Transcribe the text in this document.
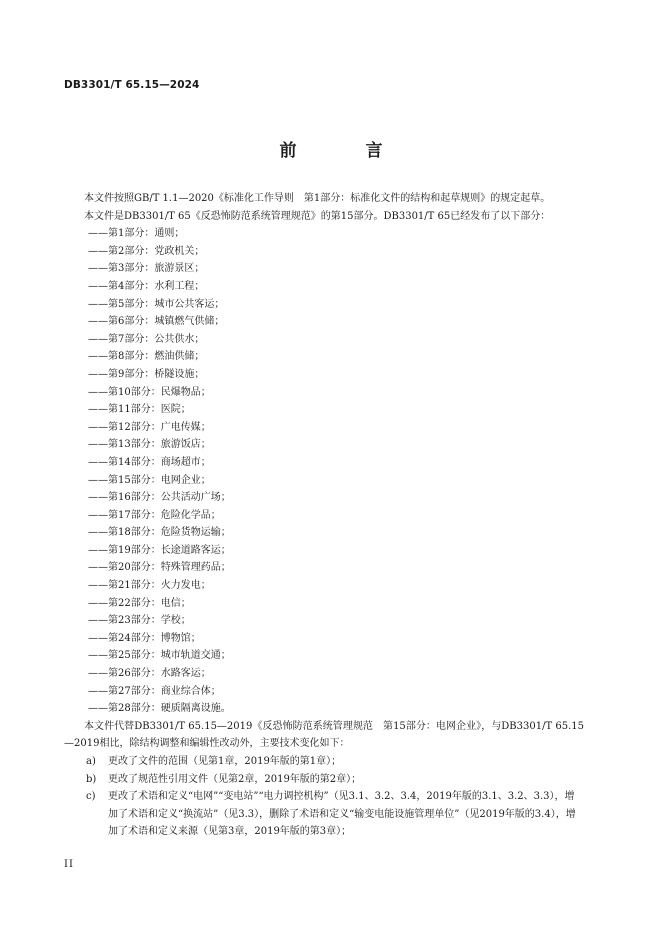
DB3301/T 65.15—2024
前　言

本文件按照GB/T 1.1—2020《标准化工作导则　第1部分：标准化文件的结构和起草规则》的规定起草。

本文件是DB3301/T 65《反恐怖防范系统管理规范》的第15部分。DB3301/T 65已经发布了以下部分：

——第1部分：通则；

——第2部分：党政机关；

——第3部分：旅游景区；

——第4部分：水利工程；

——第5部分：城市公共客运；

——第6部分：城镇燃气供储；

——第7部分：公共供水；

——第8部分：燃油供储；

——第9部分：桥隧设施；

——第10部分：民爆物品；

——第11部分：医院；

——第12部分：广电传媒；

——第13部分：旅游饭店；

——第14部分：商场超市；

——第15部分：电网企业；

——第16部分：公共活动广场；

——第17部分：危险化学品；

——第18部分：危险货物运输；

——第19部分：长途道路客运；

——第20部分：特殊管理药品；

——第21部分：火力发电；

——第22部分：电信；

——第23部分：学校；

——第24部分：博物馆；

——第25部分：城市轨道交通；

——第26部分：水路客运；

——第27部分：商业综合体；

——第28部分：硬质隔离设施。

本文件代替DB3301/T 65.15—2019《反恐怖防范系统管理规范　第15部分：电网企业》，与DB3301/T 65.15—2019相比，除结构调整和编辑性改动外，主要技术变化如下：

a) 更改了文件的范围（见第1章，2019年版的第1章）；

b) 更改了规范性引用文件（见第2章，2019年版的第2章）；

c) 更改了术语和定义“电网”“变电站”“电力调控机构”（见3.1、3.2、3.4，2019年版的3.1、3.2、3.3），增加了术语和定义“换流站”（见3.3），删除了术语和定义“输变电能设施管理单位”（见2019年版的3.4），增加了术语和定义来源（见第3章，2019年版的第3章）；

II
